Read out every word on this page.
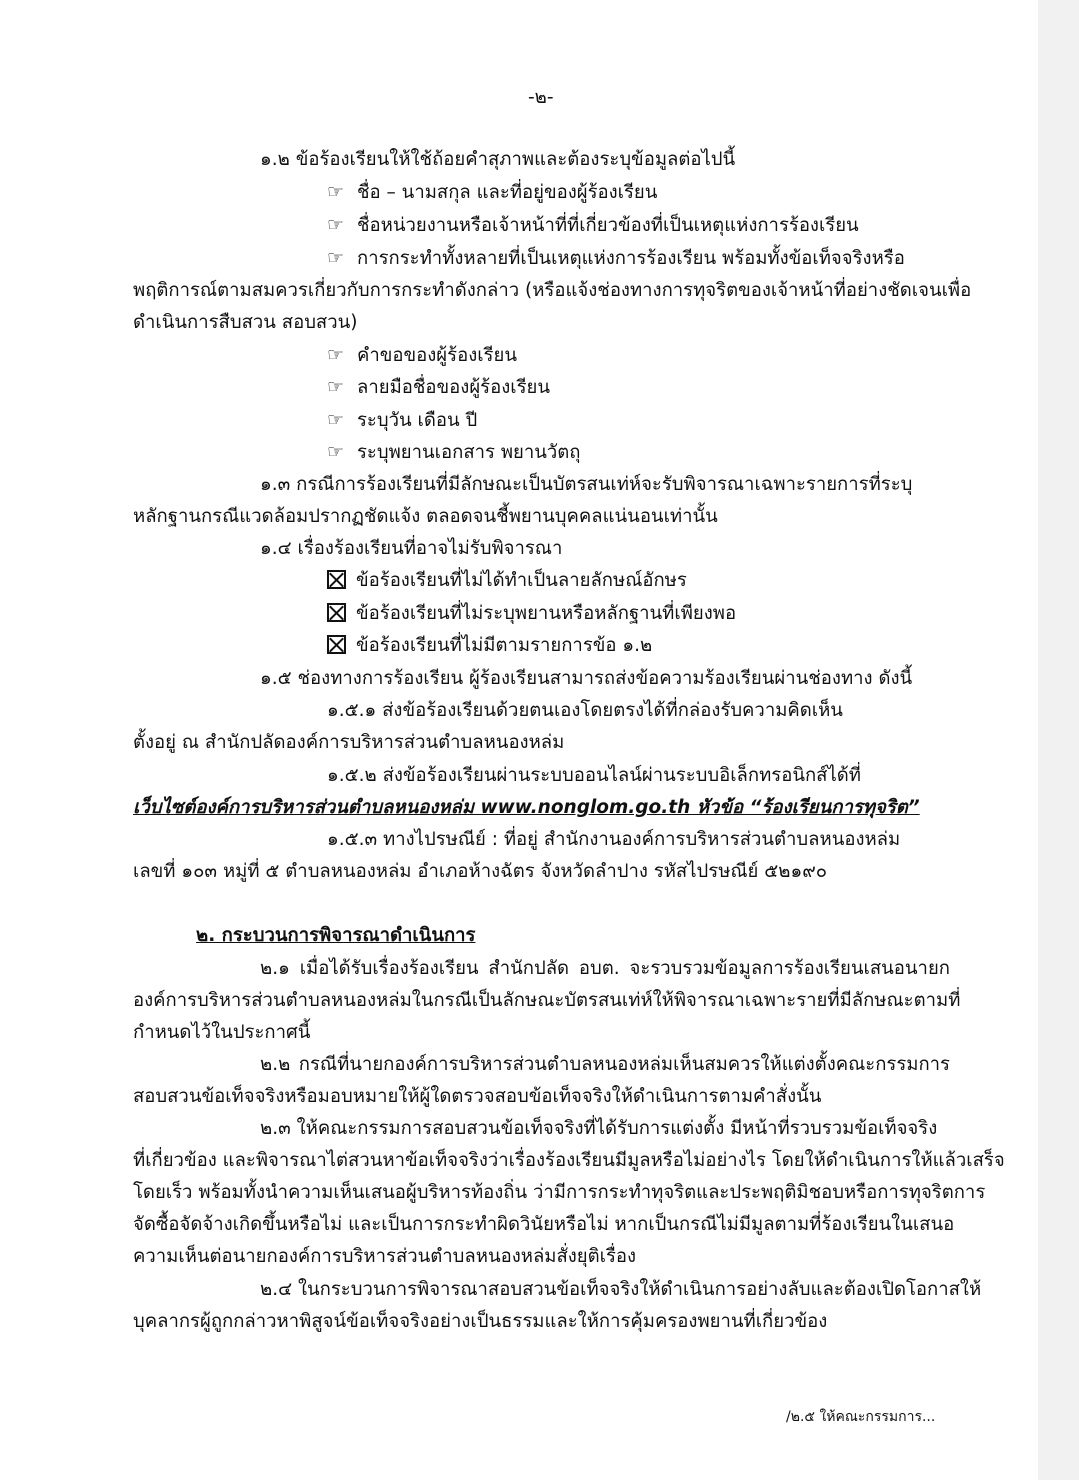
-๒-
๑.๒ ข้อร้องเรียนให้ใช้ถ้อยคำสุภาพและต้องระบุข้อมูลต่อไปนี้
☞ ชื่อ – นามสกุล และที่อยู่ของผู้ร้องเรียน
☞ ชื่อหน่วยงานหรือเจ้าหน้าที่ที่เกี่ยวข้องที่เป็นเหตุแห่งการร้องเรียน
☞ การกระทำทั้งหลายที่เป็นเหตุแห่งการร้องเรียน พร้อมทั้งข้อเท็จจริงหรือ
พฤติการณ์ตามสมควรเกี่ยวกับการกระทำดังกล่าว (หรือแจ้งช่องทางการทุจริตของเจ้าหน้าที่อย่างชัดเจนเพื่อ
ดำเนินการสืบสวน สอบสวน)
☞ คำขอของผู้ร้องเรียน
☞ ลายมือชื่อของผู้ร้องเรียน
☞ ระบุวัน เดือน ปี
☞ ระบุพยานเอกสาร พยานวัตถุ
๑.๓ กรณีการร้องเรียนที่มีลักษณะเป็นบัตรสนเท่ห์จะรับพิจารณาเฉพาะรายการที่ระบุ
หลักฐานกรณีแวดล้อมปรากฏชัดแจ้ง ตลอดจนชี้พยานบุคคลแน่นอนเท่านั้น
๑.๔ เรื่องร้องเรียนที่อาจไม่รับพิจารณา
ข้อร้องเรียนที่ไม่ได้ทำเป็นลายลักษณ์อักษร
ข้อร้องเรียนที่ไม่ระบุพยานหรือหลักฐานที่เพียงพอ
ข้อร้องเรียนที่ไม่มีตามรายการข้อ ๑.๒
๑.๕ ช่องทางการร้องเรียน ผู้ร้องเรียนสามารถส่งข้อความร้องเรียนผ่านช่องทาง ดังนี้
๑.๕.๑ ส่งข้อร้องเรียนด้วยตนเองโดยตรงได้ที่กล่องรับความคิดเห็น
ตั้งอยู่ ณ สำนักปลัดองค์การบริหารส่วนตำบลหนองหล่ม
๑.๕.๒ ส่งข้อร้องเรียนผ่านระบบออนไลน์ผ่านระบบอิเล็กทรอนิกส์ได้ที่
เว็บไซต์องค์การบริหารส่วนตำบลหนองหล่ม www.nonglom.go.th หัวข้อ “ร้องเรียนการทุจริต”
๑.๕.๓ ทางไปรษณีย์ : ที่อยู่ สำนักงานองค์การบริหารส่วนตำบลหนองหล่ม
เลขที่ ๑๐๓ หมู่ที่ ๕ ตำบลหนองหล่ม อำเภอห้างฉัตร จังหวัดลำปาง รหัสไปรษณีย์ ๕๒๑๙๐
๒. กระบวนการพิจารณาดำเนินการ
๒.๑ เมื่อได้รับเรื่องร้องเรียน สำนักปลัด อบต. จะรวบรวมข้อมูลการร้องเรียนเสนอนายก
องค์การบริหารส่วนตำบลหนองหล่มในกรณีเป็นลักษณะบัตรสนเท่ห์ให้พิจารณาเฉพาะรายที่มีลักษณะตามที่
กำหนดไว้ในประกาศนี้
๒.๒ กรณีที่นายกองค์การบริหารส่วนตำบลหนองหล่มเห็นสมควรให้แต่งตั้งคณะกรรมการ
สอบสวนข้อเท็จจริงหรือมอบหมายให้ผู้ใดตรวจสอบข้อเท็จจริงให้ดำเนินการตามคำสั่งนั้น
๒.๓ ให้คณะกรรมการสอบสวนข้อเท็จจริงที่ได้รับการแต่งตั้ง มีหน้าที่รวบรวมข้อเท็จจริง
ที่เกี่ยวข้อง และพิจารณาไต่สวนหาข้อเท็จจริงว่าเรื่องร้องเรียนมีมูลหรือไม่อย่างไร โดยให้ดำเนินการให้แล้วเสร็จ
โดยเร็ว พร้อมทั้งนำความเห็นเสนอผู้บริหารท้องถิ่น ว่ามีการกระทำทุจริตและประพฤติมิชอบหรือการทุจริตการ
จัดซื้อจัดจ้างเกิดขึ้นหรือไม่ และเป็นการกระทำผิดวินัยหรือไม่ หากเป็นกรณีไม่มีมูลตามที่ร้องเรียนในเสนอ
ความเห็นต่อนายกองค์การบริหารส่วนตำบลหนองหล่มสั่งยุติเรื่อง
๒.๔ ในกระบวนการพิจารณาสอบสวนข้อเท็จจริงให้ดำเนินการอย่างลับและต้องเปิดโอกาสให้
บุคลากรผู้ถูกกล่าวหาพิสูจน์ข้อเท็จจริงอย่างเป็นธรรมและให้การคุ้มครองพยานที่เกี่ยวข้อง
/๒.๕ ให้คณะกรรมการ...
